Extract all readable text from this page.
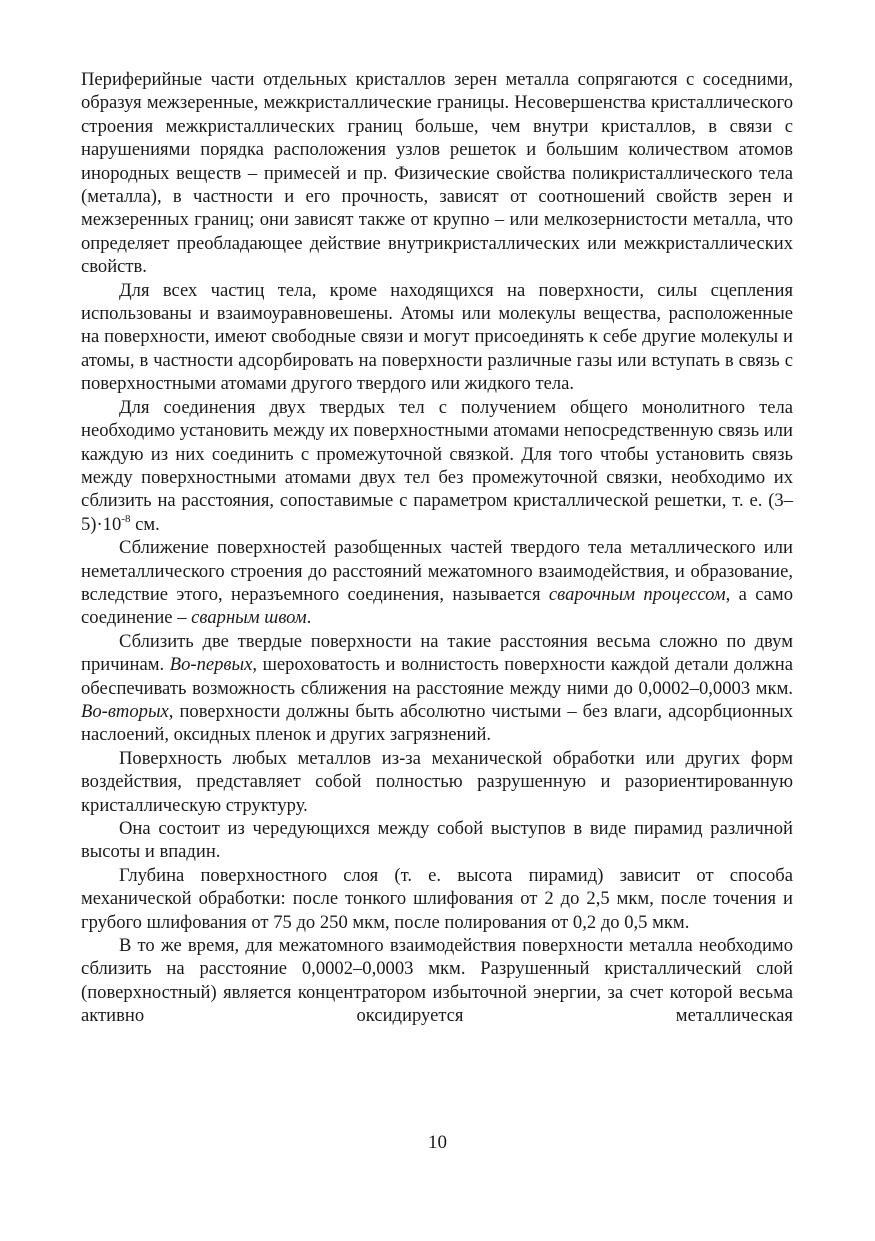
Периферийные части отдельных кристаллов зерен металла сопрягаются с соседними, образуя межзеренные, межкристаллические границы. Несовершенства кристаллического строения межкристаллических границ больше, чем внутри кристаллов, в связи с нарушениями порядка расположения узлов решеток и большим количеством атомов инородных веществ – примесей и пр. Физические свойства поликристаллического тела (металла), в частности и его прочность, зависят от соотношений свойств зерен и межзеренных границ; они зависят также от крупно – или мелкозернистости металла, что определяет преобладающее действие внутрикристаллических или межкристаллических свойств.

Для всех частиц тела, кроме находящихся на поверхности, силы сцепления использованы и взаимоуравновешены. Атомы или молекулы вещества, расположенные на поверхности, имеют свободные связи и могут присоединять к себе другие молекулы и атомы, в частности адсорбировать на поверхности различные газы или вступать в связь с поверхностными атомами другого твердого или жидкого тела.

Для соединения двух твердых тел с получением общего монолитного тела необходимо установить между их поверхностными атомами непосредственную связь или каждую из них соединить с промежуточной связкой. Для того чтобы установить связь между поверхностными атомами двух тел без промежуточной связки, необходимо их сблизить на расстояния, сопоставимые с параметром кристаллической решетки, т. е. $(3-5)\cdot 10^{-8}$ см.

Сближение поверхностей разобщенных частей твердого тела металлического или неметаллического строения до расстояний межатомного взаимодействия, и образование, вследствие этого, неразъемного соединения, называется сварочным процессом, а само соединение – сварным швом.

Сблизить две твердые поверхности на такие расстояния весьма сложно по двум причинам. Во-первых, шероховатость и волнистость поверхности каждой детали должна обеспечивать возможность сближения на расстояние между ними до 0,0002–0,0003 мкм. Во-вторых, поверхности должны быть абсолютно чистыми – без влаги, адсорбционных наслоений, оксидных пленок и других загрязнений.

Поверхность любых металлов из-за механической обработки или других форм воздействия, представляет собой полностью разрушенную и разориентированную кристаллическую структуру.

Она состоит из чередующихся между собой выступов в виде пирамид различной высоты и впадин.

Глубина поверхностного слоя (т. е. высота пирамид) зависит от способа механической обработки: после тонкого шлифования от 2 до 2,5 мкм, после точения и грубого шлифования от 75 до 250 мкм, после полирования от 0,2 до 0,5 мкм.

В то же время, для межатомного взаимодействия поверхности металла необходимо сблизить на расстояние 0,0002–0,0003 мкм. Разрушенный кристаллический слой (поверхностный) является концентратором избыточной энергии, за счет которой весьма активно оксидируется металлическая

10
